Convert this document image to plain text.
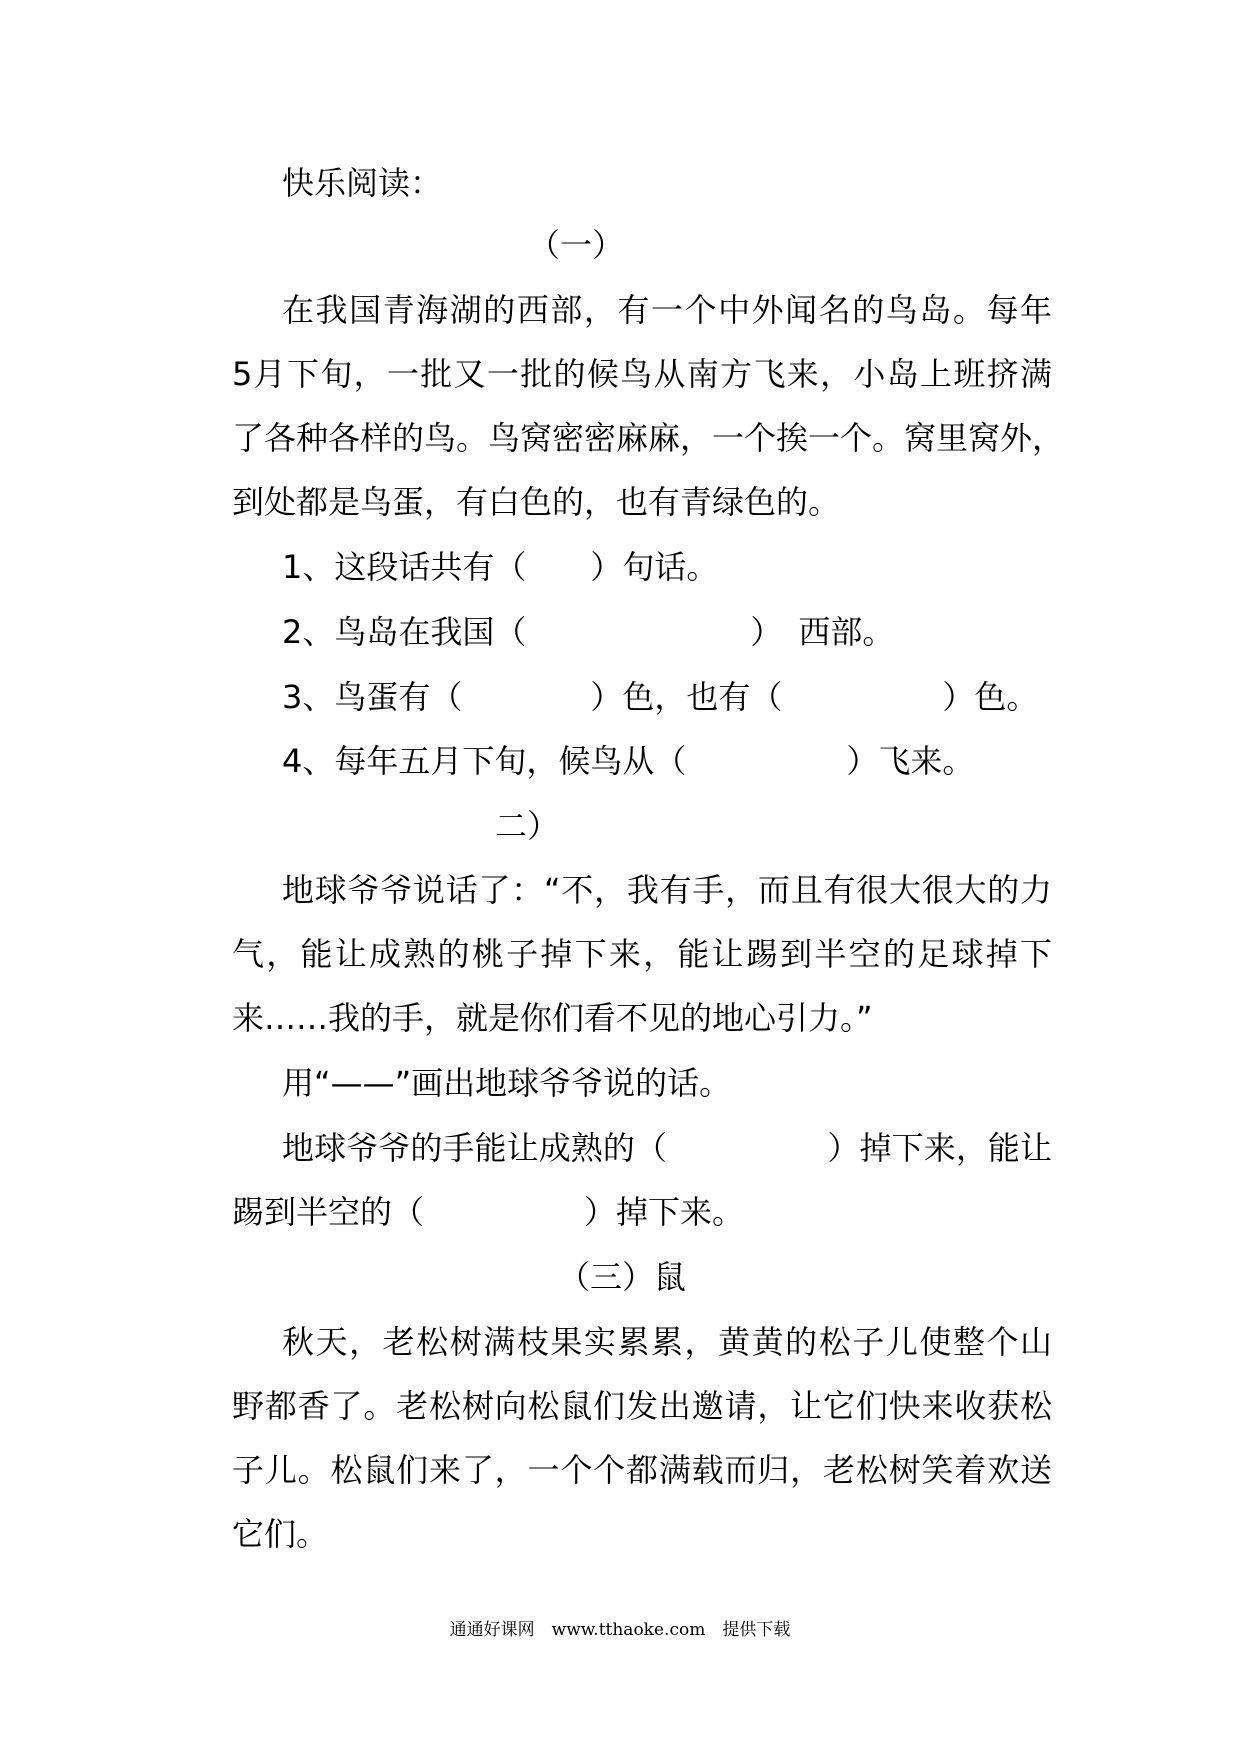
快乐阅读：
（一）
在我国青海湖的西部，有一个中外闻名的鸟岛。每年
5月下旬，一批又一批的候鸟从南方飞来，小岛上班挤满
了各种各样的鸟。鸟窝密密麻麻，一个挨一个。窝里窝外，
到处都是鸟蛋，有白色的，也有青绿色的。
1、这段话共有（　　）句话。
2、鸟岛在我国（　　　　　　　）　西部。
3、鸟蛋有（　　　　）色，也有（　　　　　）色。
4、每年五月下旬，候鸟从（　　　　　）飞来。
二）
地球爷爷说话了：“不，我有手，而且有很大很大的力
气，能让成熟的桃子掉下来，能让踢到半空的足球掉下
来……我的手，就是你们看不见的地心引力。”
用“——”画出地球爷爷说的话。
地球爷爷的手能让成熟的（　　　　　）掉下来，能让
踢到半空的（　　　　　）掉下来。
（三）鼠
秋天，老松树满枝果实累累，黄黄的松子儿使整个山
野都香了。老松树向松鼠们发出邀请，让它们快来收获松
子儿。松鼠们来了，一个个都满载而归，老松树笑着欢送
它们。
通通好课网　www.tthaoke.com　提供下载
